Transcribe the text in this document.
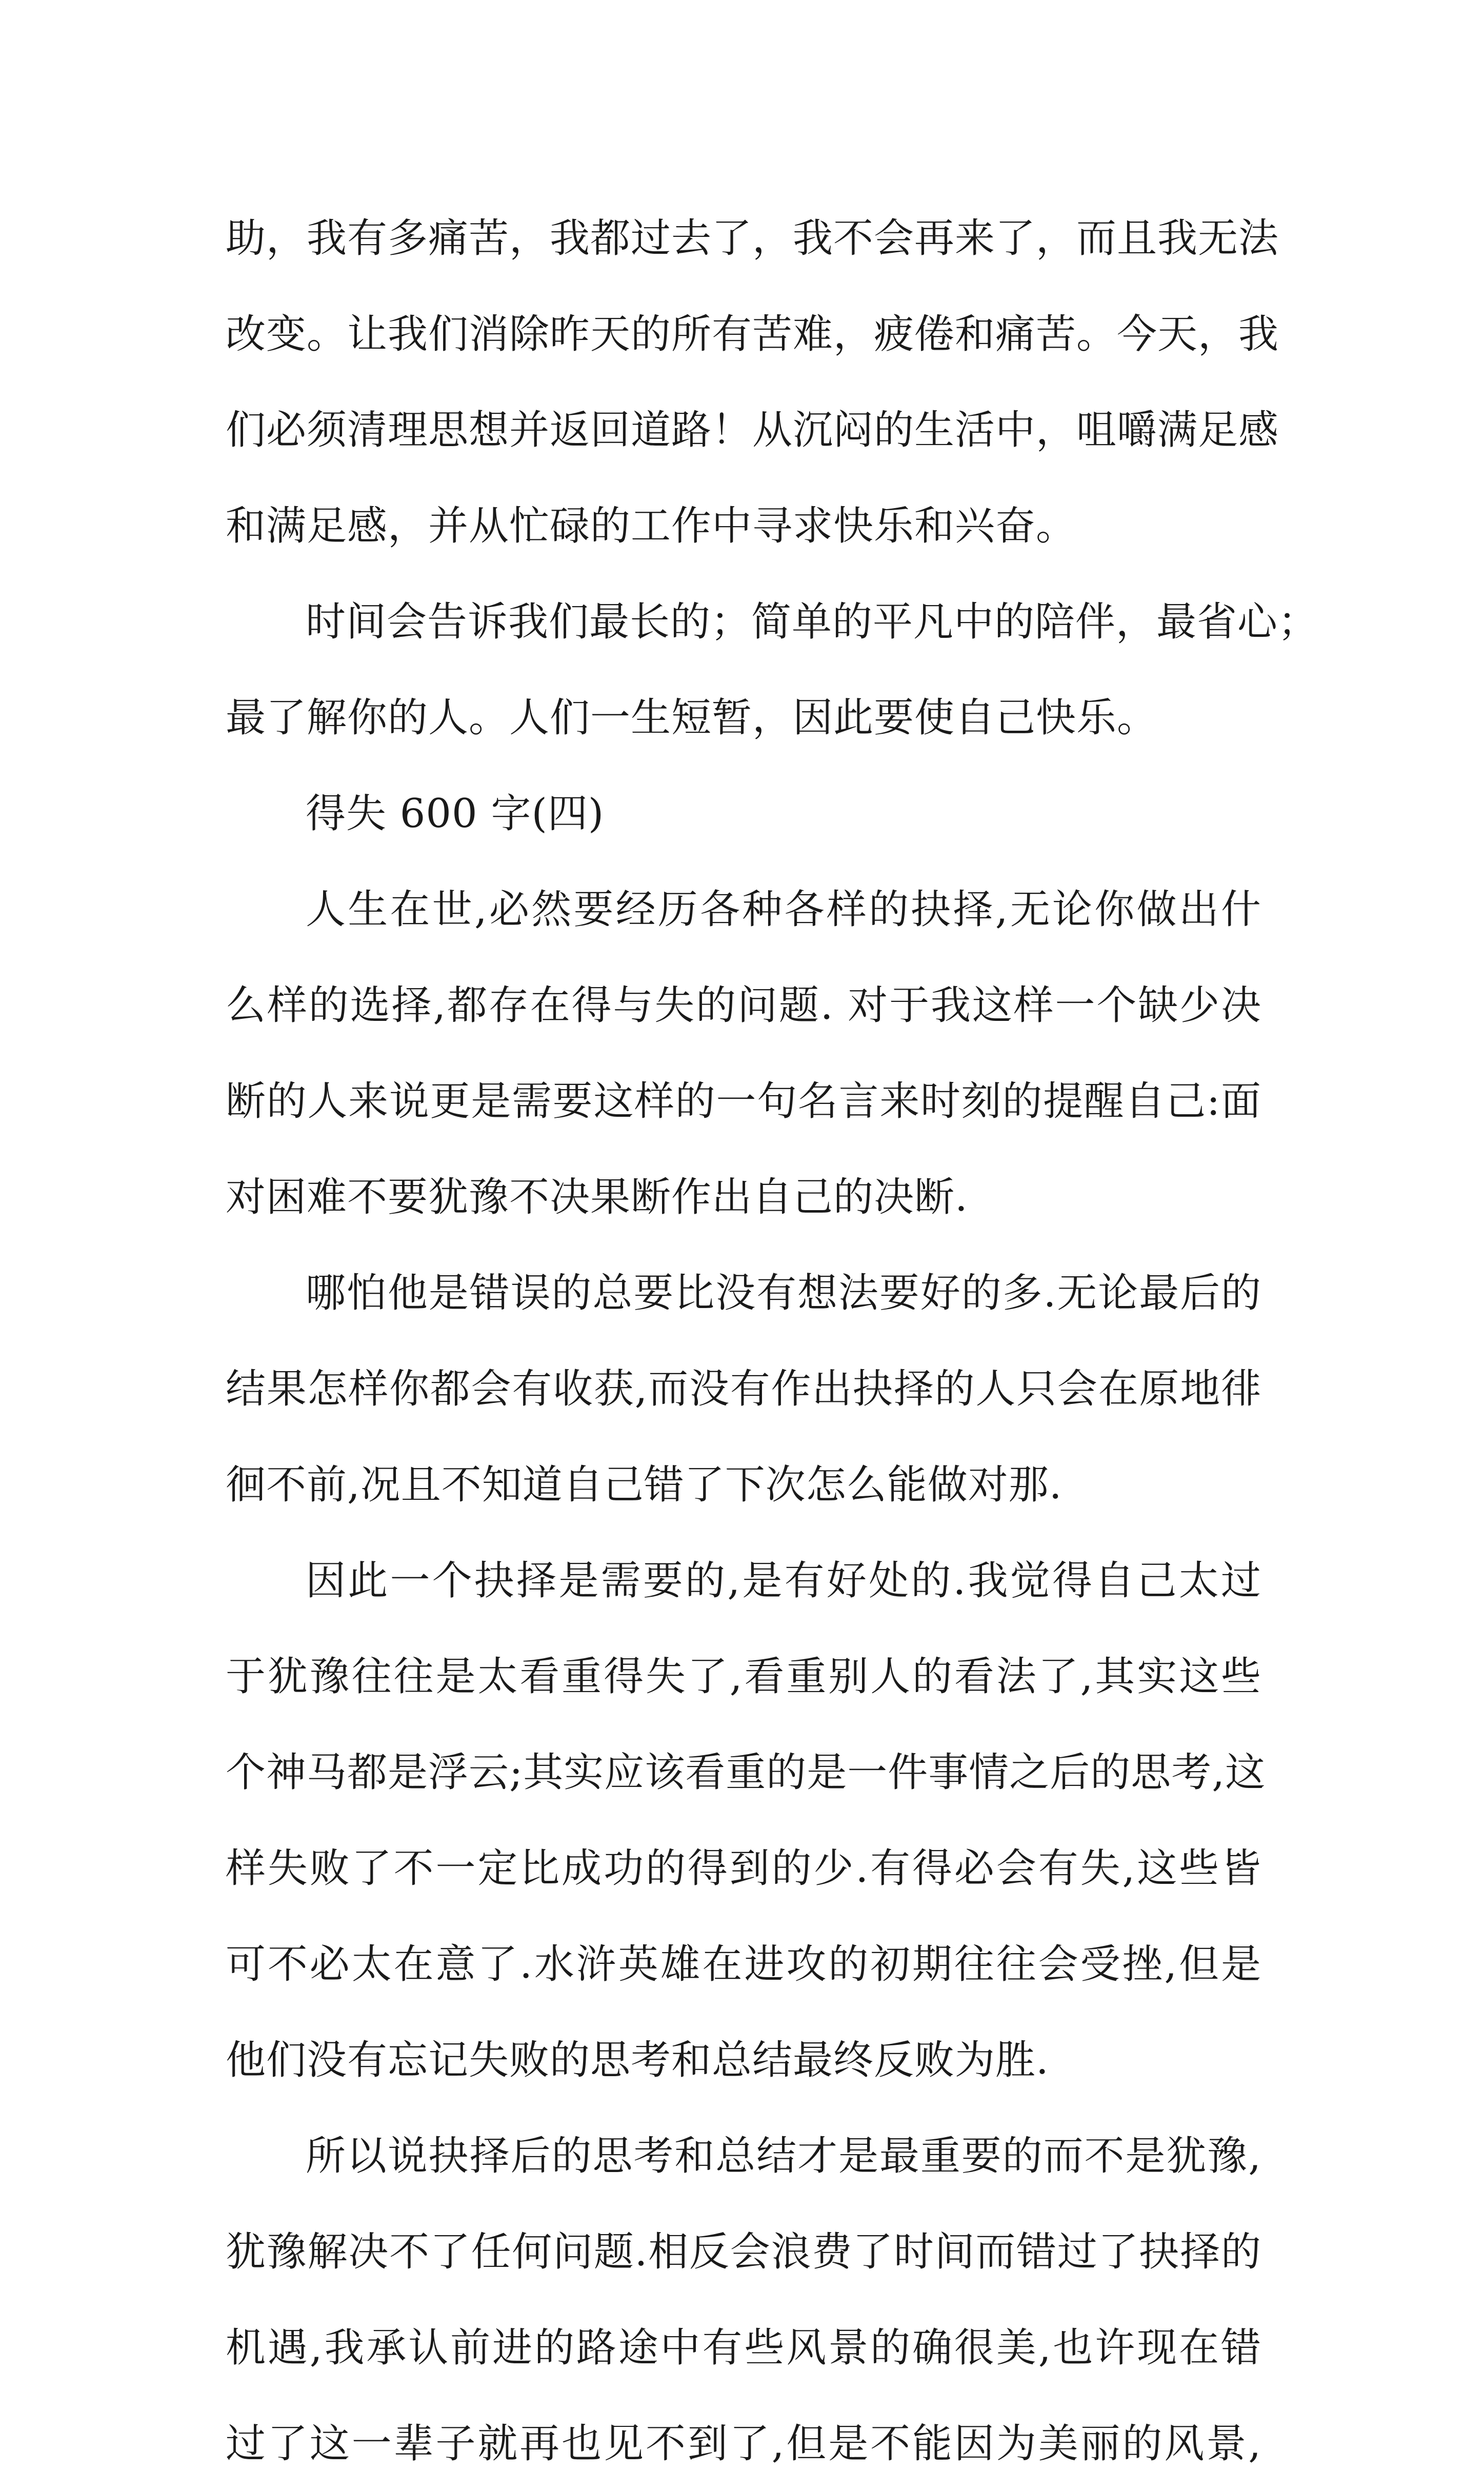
助，我有多痛苦，我都过去了，我不会再来了，而且我无法
改变。让我们消除昨天的所有苦难，疲倦和痛苦。今天，我
们必须清理思想并返回道路！从沉闷的生活中，咀嚼满足感
和满足感，并从忙碌的工作中寻求快乐和兴奋。
时间会告诉我们最长的；简单的平凡中的陪伴，最省心；
最了解你的人。人们一生短暂，因此要使自己快乐。
得失 600 字(四)
人生在世,必然要经历各种各样的抉择,无论你做出什
么样的选择,都存在得与失的问题. 对于我这样一个缺少决
断的人来说更是需要这样的一句名言来时刻的提醒自己:面
对困难不要犹豫不决果断作出自己的决断.
哪怕他是错误的总要比没有想法要好的多.无论最后的
结果怎样你都会有收获,而没有作出抉择的人只会在原地徘
徊不前,况且不知道自己错了下次怎么能做对那.
因此一个抉择是需要的,是有好处的.我觉得自己太过
于犹豫往往是太看重得失了,看重别人的看法了,其实这些
个神马都是浮云;其实应该看重的是一件事情之后的思考,这
样失败了不一定比成功的得到的少.有得必会有失,这些皆
可不必太在意了.水浒英雄在进攻的初期往往会受挫,但是
他们没有忘记失败的思考和总结最终反败为胜.
所以说抉择后的思考和总结才是最重要的而不是犹豫,
犹豫解决不了任何问题.相反会浪费了时间而错过了抉择的
机遇,我承认前进的路途中有些风景的确很美,也许现在错
过了这一辈子就再也见不到了,但是不能因为美丽的风景,
